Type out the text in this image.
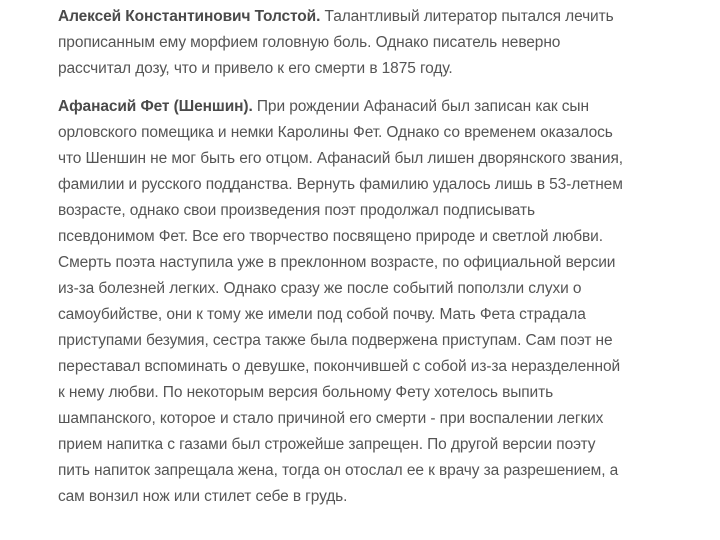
Алексей Константинович Толстой. Талантливый литератор пытался лечить
прописанным ему морфием головную боль. Однако писатель неверно
рассчитал дозу, что и привело к его смерти в 1875 году.
Афанасий Фет (Шеншин). При рождении Афанасий был записан как сын
орловского помещика и немки Каролины Фет. Однако со временем оказалось
что Шеншин не мог быть его отцом. Афанасий был лишен дворянского звания,
фамилии и русского подданства. Вернуть фамилию удалось лишь в 53-летнем
возрасте, однако свои произведения поэт продолжал подписывать
псевдонимом Фет. Все его творчество посвящено природе и светлой любви.
Смерть поэта наступила уже в преклонном возрасте, по официальной версии
из-за болезней легких. Однако сразу же после событий поползли слухи о
самоубийстве, они к тому же имели под собой почву. Мать Фета страдала
приступами безумия, сестра также была подвержена приступам. Сам поэт не
переставал вспоминать о девушке, покончившей с собой из-за неразделенной
к нему любви. По некоторым версия больному Фету хотелось выпить
шампанского, которое и стало причиной его смерти - при воспалении легких
прием напитка с газами был строжейше запрещен. По другой версии поэту
пить напиток запрещала жена, тогда он отослал ее к врачу за разрешением, а
сам вонзил нож или стилет себе в грудь.
